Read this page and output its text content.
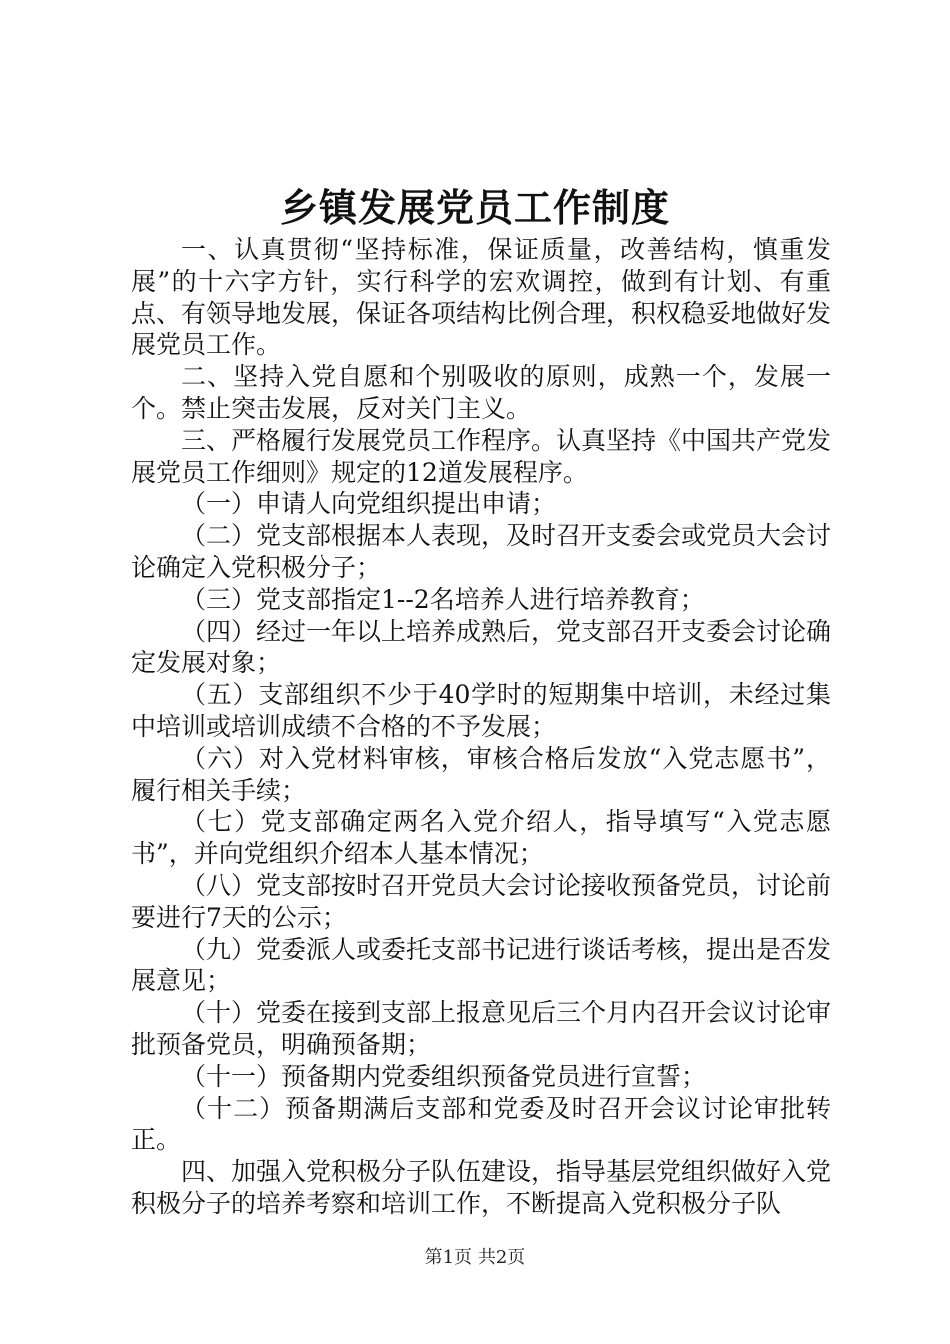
乡镇发展党员工作制度

一、认真贯彻“坚持标准，保证质量，改善结构，慎重发展”的十六字方针，实行科学的宏欢调控，做到有计划、有重点、有领导地发展，保证各项结构比例合理，积权稳妥地做好发展党员工作。

二、坚持入党自愿和个别吸收的原则，成熟一个，发展一个。禁止突击发展，反对关门主义。

三、严格履行发展党员工作程序。认真坚持《中国共产党发展党员工作细则》规定的12道发展程序。

（一）申请人向党组织提出申请；

（二）党支部根据本人表现，及时召开支委会或党员大会讨论确定入党积极分子；

（三）党支部指定1--2名培养人进行培养教育；

（四）经过一年以上培养成熟后，党支部召开支委会讨论确定发展对象；

（五）支部组织不少于40学时的短期集中培训，未经过集中培训或培训成绩不合格的不予发展；

（六）对入党材料审核，审核合格后发放“入党志愿书”，履行相关手续；

（七）党支部确定两名入党介绍人，指导填写“入党志愿书”，并向党组织介绍本人基本情况；

（八）党支部按时召开党员大会讨论接收预备党员，讨论前要进行7天的公示；

（九）党委派人或委托支部书记进行谈话考核，提出是否发展意见；

（十）党委在接到支部上报意见后三个月内召开会议讨论审批预备党员，明确预备期；

（十一）预备期内党委组织预备党员进行宣誓；

（十二）预备期满后支部和党委及时召开会议讨论审批转正。

四、加强入党积极分子队伍建设，指导基层党组织做好入党积极分子的培养考察和培训工作，不断提高入党积极分子队

第1页 共2页
